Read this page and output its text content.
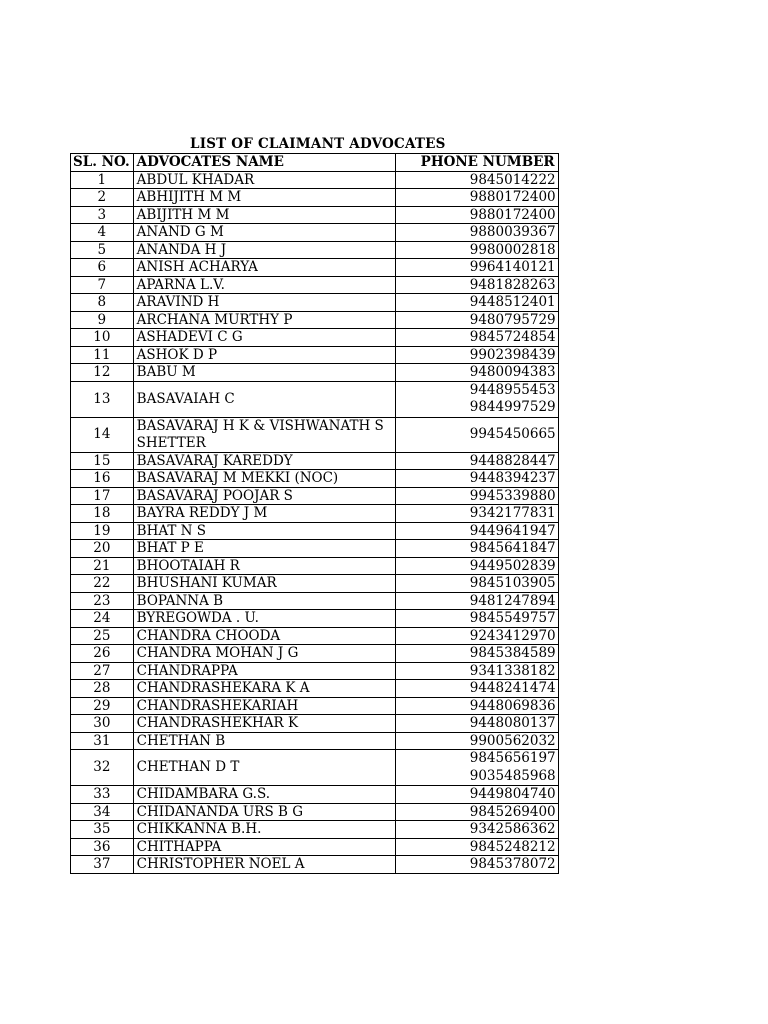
LIST OF CLAIMANT ADVOCATES
SL. NO.	ADVOCATES NAME	PHONE NUMBER
1	ABDUL KHADAR	9845014222
2	ABHIJITH M M	9880172400
3	ABIJITH M M	9880172400
4	ANAND G M	9880039367
5	ANANDA H J	9980002818
6	ANISH ACHARYA	9964140121
7	APARNA L.V.	9481828263
8	ARAVIND H	9448512401
9	ARCHANA MURTHY P	9480795729
10	ASHADEVI C G	9845724854
11	ASHOK D P	9902398439
12	BABU M	9480094383
13	BASAVAIAH C	9448955453
9844997529

14	BASAVARAJ H K & VISHWANATH S SHETTER	9945450665
15	BASAVARAJ KAREDDY	9448828447
16	BASAVARAJ M MEKKI (NOC)	9448394237
17	BASAVARAJ POOJAR S	9945339880
18	BAYRA REDDY J M	9342177831
19	BHAT N S	9449641947
20	BHAT P E	9845641847
21	BHOOTAIAH R	9449502839
22	BHUSHANI KUMAR	9845103905
23	BOPANNA B	9481247894
24	BYREGOWDA . U.	9845549757
25	CHANDRA CHOODA	9243412970
26	CHANDRA MOHAN J G	9845384589
27	CHANDRAPPA	9341338182
28	CHANDRASHEKARA K A	9448241474
29	CHANDRASHEKARIAH	9448069836
30	CHANDRASHEKHAR K	9448080137
31	CHETHAN B	9900562032
32	CHETHAN D T	9845656197
9035485968

33	CHIDAMBARA G.S.	9449804740
34	CHIDANANDA URS B G	9845269400
35	CHIKKANNA B.H.	9342586362
36	CHITHAPPA	9845248212
37	CHRISTOPHER NOEL A	9845378072
